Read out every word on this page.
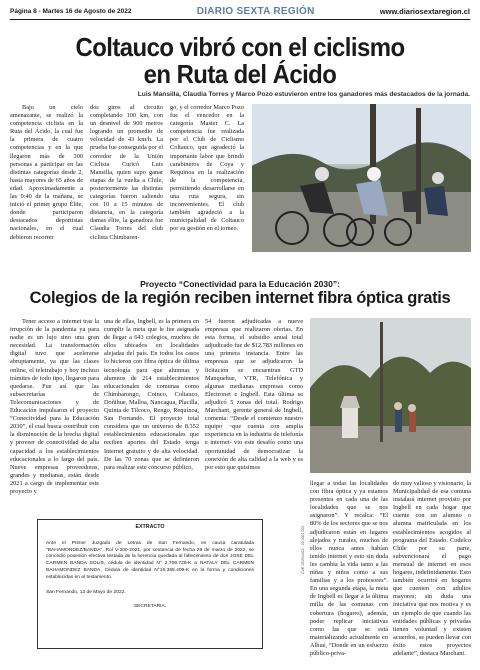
Página 8 - Martes 16 de Agosto de 2022	DIARIO SEXTA REGIÓN	www.diariosextaregion.cl
Coltauco vibró con el ciclismo
en Ruta del Ácido
Luis Mansilla, Claudia Torres y Marco Pozo estuvieron entre los ganadores más destacados de la jornada.

Bajo un cielo amenazante, se realizó la competencia ciclista en la Ruta del Ácido, la cual fue la primera de cuatro competencias y en la que llegaron más de 300 personas a participar en las distintas categorías desde 2, hasta mayores de 65 años de edad. Aproximadamente a las 9:40 de la mañana, se inició el primer grupo Élite, donde participaron destacados deportistas nacionales, en el cual debieron recorrer

dos giros al circuito completando 100 km, con un desnivel de 900 metros logrando un promedio de velocidad de 43 km/h. La prueba fue conseguida por el corredor de la Unión Ciclista Curicó Luis Mansilla, quien supo ganar etapas de la vuelta a Chile, posteriormente las distintas categorías fueron saliendo cos 10 a 15 minutos de distancia, en la categoría damas élite, la ganadora fue Claudia Torres del club ciclista Chimbaren-

go, y el corredor Marco Pozo fue el vencedor en la categoría Master C. La competencia fue realizada por el Club de Ciclismo Coltauco, que agradeció la importante labor que brindó carabineros de Coya y Requinoa en la realización de la competencia, permitiendo desarrollarse en una ruta segura, sin inconvenientes. El club también agradeció a la municipalidad de Coltauco por su gestión en el torneo.

Proyecto “Conectividad para la Educación 2030”:
Colegios de la región reciben internet fibra óptica gratis

Tener acceso a internet tras la irrupción de la pandemia ya para nadie es un lujo sino una gran necesidad. La transformación digital tuvo que acelerarse abruptamente, ya que las clases online, el teletrabajo y hoy incluso trámites de todo tipo, llegaron para quedarse. Fue así que las subsecretarías de Telecomunicaciones y de Educación impulsaron el proyecto “Conectividad para la Educación 2030”, el cual busca contribuir con la disminución de la brecha digital y proveer de conectividad de alta capacidad a los establecimientos educacionales a lo largo del país. Nueve empresas proveedoras, grandes y medianas, están desde 2021 a cargo de implementar este proyecto y

una de ellas, Ingbell, es la primera en cumplir la meta que le fue asignada de llegar a 643 colegios, muchos de ellos ubicados en localidades alejadas del país. En todos los casos lo hicieron con fibra óptica de última tecnología para que alumnas y alumnos de 214 establecimientos educacionales de comunas como Chimbarongo, Coinco, Coltauco, Doñihue, Malloa, Nancagua, Placilla, Quinta de Tilcoco, Rengo, Requínoa, San Fernando. El proyecto total considera que un universo de 8.352 establecimientos educacionales que reciben aportes del Estado tenga Internet gratuito y de alta velocidad. De las 70 zonas que se definieron para realizar este concurso público,

54 fueron adjudicadas a nueve empresas que realizaron ofertas. En esta forma, el subsidio anual total adjudicado fue de $12.783 millones en una primera instancia. Entre las empresas que se adjudicaron la licitación se encuentran GTD Manquehue, VTR, Telefónica y algunas medianas empresas como Electronet e Ingbell. Esta última se adjudicó 5 zonas del total. Rodrigo Marchant, gerente general de Ingbell, comenta: “Desde el comienzo nuestro equipo ¬que cuenta con amplia experiencia en la industria de telefonía e internet- vio este desafío como una oportunidad de democratizar la conexión de alta calidad a la web y es por esto que quisimos

llegar a todas las localidades con fibra óptica y ya estamos presentes en cada una de las localidades que se nos asignaron”. Y recalca: “El 80% de los sectores que se nos adjudicaron están en lugares alejados y rurales, muchos de ellos nunca antes habían tenido internet y esto sin duda les cambia la vida tanto a las niñas y niños como a sus familias y a los profesores”. En una segunda etapa, la meta de Ingbell es llegar a la última milla de las comunas con cobertura (hogares), además, poder replicar iniciativas como las que se está materializando actualmente en Alhué, “Donde en un esfuerzo público-priva-

do muy valioso y visionario, la Municipalidad de esa comuna instalará internet provisto por Ingbell en cada hogar que cuente con un alumno o alumna matriculada en los establecimientos acogidos al programa del Estado. Codelco Chile por su parte, subvencionará el pago mensual de internet en esos hogares, indefinidamente. Esto también ocurrirá en hogares que cuenten con adultos mayores; sin duda una iniciativa que nos motiva y es un ejemplo de que cuando las entidades públicas y privadas tienen voluntad y existen acuerdos, se pueden llevar con éxito estos proyectos adelante”, destaca Marchant.

EXTRACTO
Ante el Primer Juzgado de Letras de San Fernando, en causa caratulada "BAHAMONDEZ/BANDA", Rol V-200-2021, por sentencia de fecha 29 de marzo de 2022, se concedió posesión efectiva testada de la herencia quedada al fallecimiento de don JOSÉ DEL CARMEN BANDA SOLIS, cédula de identidad N° 2.709.726-K a NATALY DEL CARMEN BAHAMONDEZ BANDA, Cédula de identidad N°16.365.409-K en la forma y condiciones establecidas en el testamento.
San Fernando, 13 de Mayo de 2022.
SECRETARIA.
CVE 15/25/2022 · 00 0001 000
